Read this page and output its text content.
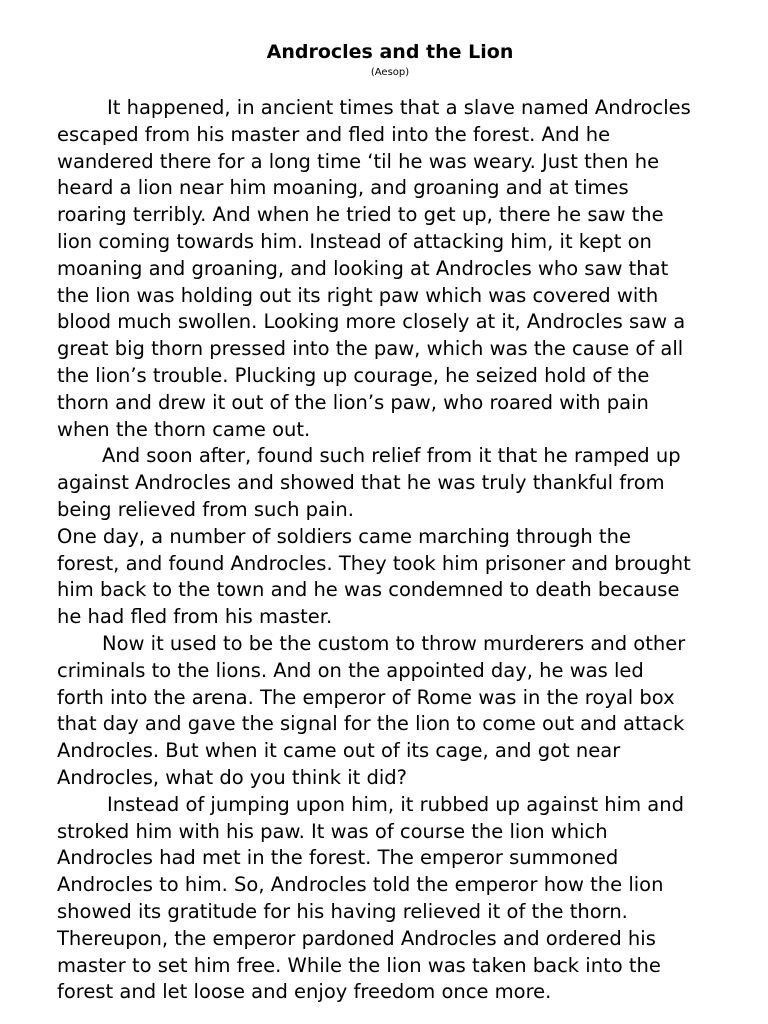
Androcles and the Lion
(Aesop)
It happened, in ancient times that a slave named Androcles
escaped from his master and fled into the forest. And he
wandered there for a long time ‘til he was weary. Just then he
heard a lion near him moaning, and groaning and at times
roaring terribly. And when he tried to get up, there he saw the
lion coming towards him. Instead of attacking him, it kept on
moaning and groaning, and looking at Androcles who saw that
the lion was holding out its right paw which was covered with
blood much swollen. Looking more closely at it, Androcles saw a
great big thorn pressed into the paw, which was the cause of all
the lion’s trouble. Plucking up courage, he seized hold of the
thorn and drew it out of the lion’s paw, who roared with pain
when the thorn came out.
And soon after, found such relief from it that he ramped up
against Androcles and showed that he was truly thankful from
being relieved from such pain.
One day, a number of soldiers came marching through the
forest, and found Androcles. They took him prisoner and brought
him back to the town and he was condemned to death because
he had fled from his master.
Now it used to be the custom to throw murderers and other
criminals to the lions. And on the appointed day, he was led
forth into the arena. The emperor of Rome was in the royal box
that day and gave the signal for the lion to come out and attack
Androcles. But when it came out of its cage, and got near
Androcles, what do you think it did?
Instead of jumping upon him, it rubbed up against him and
stroked him with his paw. It was of course the lion which
Androcles had met in the forest. The emperor summoned
Androcles to him. So, Androcles told the emperor how the lion
showed its gratitude for his having relieved it of the thorn.
Thereupon, the emperor pardoned Androcles and ordered his
master to set him free. While the lion was taken back into the
forest and let loose and enjoy freedom once more.
